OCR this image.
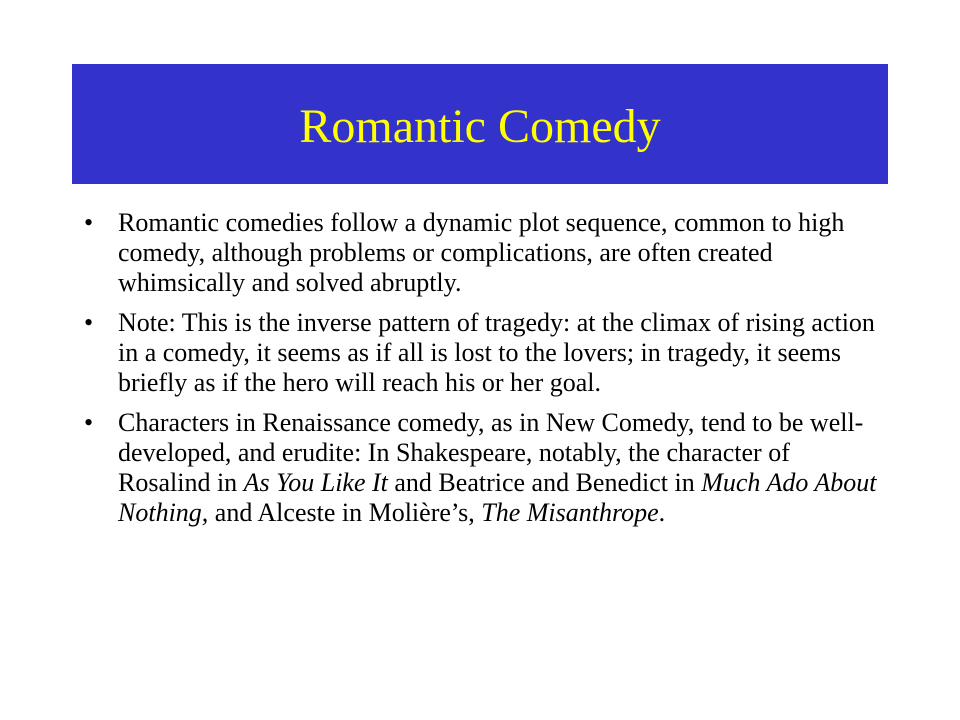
Romantic Comedy
• Romantic comedies follow a dynamic plot sequence, common to high comedy, although problems or complications, are often created whimsically and solved abruptly.
• Note: This is the inverse pattern of tragedy: at the climax of rising action in a comedy, it seems as if all is lost to the lovers; in tragedy, it seems briefly as if the hero will reach his or her goal.
• Characters in Renaissance comedy, as in New Comedy, tend to be well-developed, and erudite: In Shakespeare, notably, the character of Rosalind in As You Like It and Beatrice and Benedict in Much Ado About Nothing, and Alceste in Molière’s, The Misanthrope.
